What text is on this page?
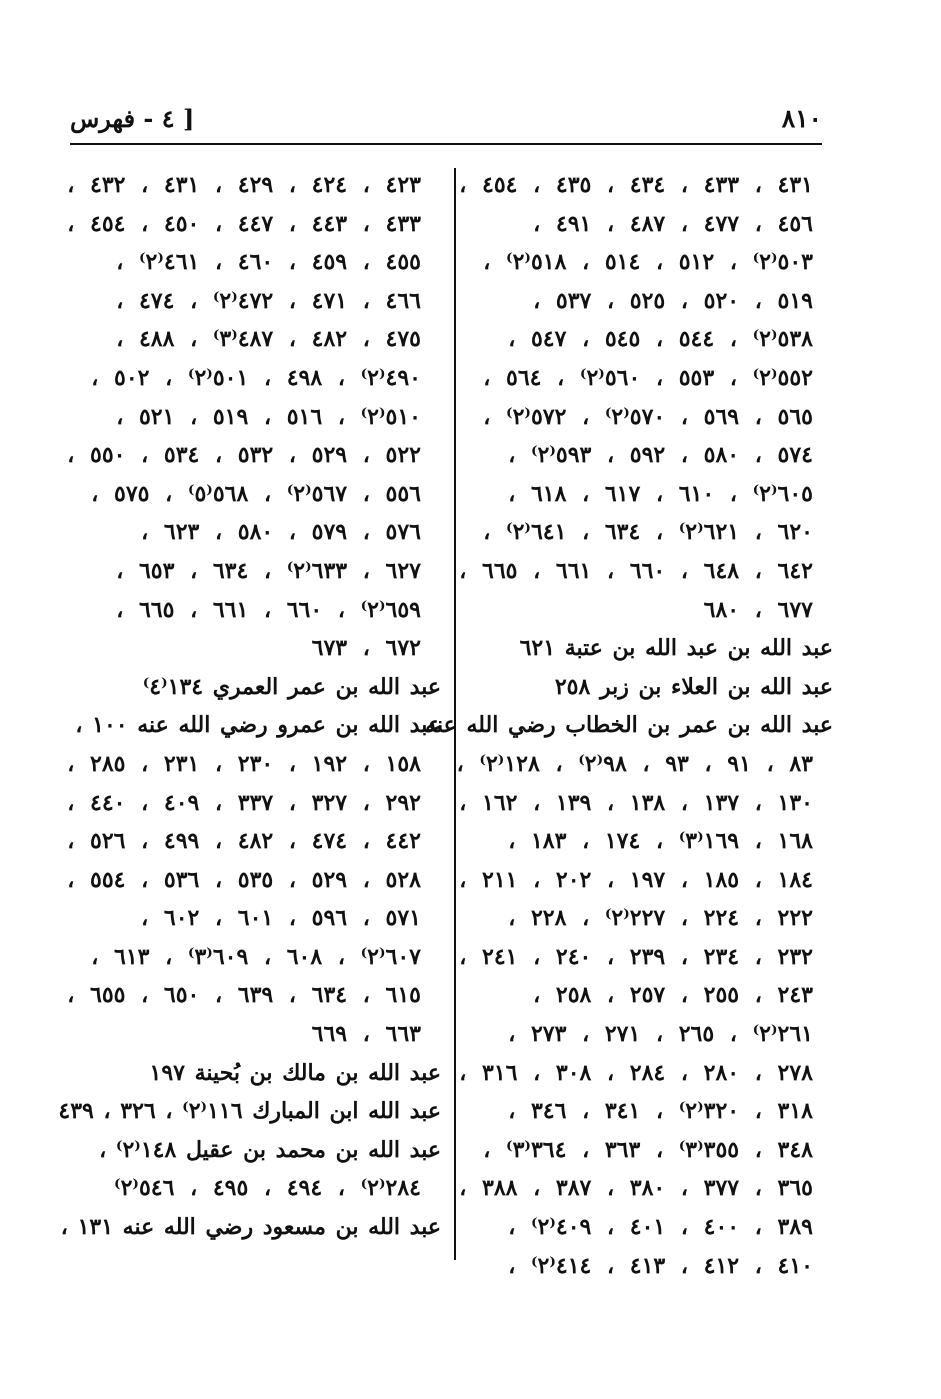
٨١٠
[ ٤ - فهرس
٤٣١ ، ٤٣٣ ، ٤٣٤ ، ٤٣٥ ، ٤٥٤ ،
٤٥٦ ، ٤٧٧ ، ٤٨٧ ، ٤٩١ ،
٥٠٣⁽٢⁾ ، ٥١٢ ، ٥١٤ ، ٥١٨⁽٢⁾ ،
٥١٩ ، ٥٢٠ ، ٥٢٥ ، ٥٣٧ ،
٥٣٨⁽٢⁾ ، ٥٤٤ ، ٥٤٥ ، ٥٤٧ ،
٥٥٢⁽٢⁾ ، ٥٥٣ ، ٥٦٠⁽٢⁾ ، ٥٦٤ ،
٥٦٥ ، ٥٦٩ ، ٥٧٠⁽٢⁾ ، ٥٧٢⁽٢⁾ ،
٥٧٤ ، ٥٨٠ ، ٥٩٢ ، ٥٩٣⁽٢⁾ ،
٦٠٥⁽٢⁾ ، ٦١٠ ، ٦١٧ ، ٦١٨ ،
٦٢٠ ، ٦٢١⁽٢⁾ ، ٦٣٤ ، ٦٤١⁽٢⁾ ،
٦٤٢ ، ٦٤٨ ، ٦٦٠ ، ٦٦١ ، ٦٦٥ ،
٦٧٧ ، ٦٨٠
عبد الله بن عبد الله بن عتبة ٦٢١
عبد الله بن العلاء بن زبر ٢٥٨
عبد الله بن عمر بن الخطاب رضي الله عنه
٨٣ ، ٩١ ، ٩٣ ، ٩٨⁽٢⁾ ، ١٢٨⁽٢⁾ ،
١٣٠ ، ١٣٧ ، ١٣٨ ، ١٣٩ ، ١٦٢ ،
١٦٨ ، ١٦٩⁽٣⁾ ، ١٧٤ ، ١٨٣ ،
١٨٤ ، ١٨٥ ، ١٩٧ ، ٢٠٢ ، ٢١١ ،
٢٢٢ ، ٢٢٤ ، ٢٢٧⁽٢⁾ ، ٢٢٨ ،
٢٣٢ ، ٢٣٤ ، ٢٣٩ ، ٢٤٠ ، ٢٤١ ،
٢٤٣ ، ٢٥٥ ، ٢٥٧ ، ٢٥٨ ،
٢٦١⁽٢⁾ ، ٢٦٥ ، ٢٧١ ، ٢٧٣ ،
٢٧٨ ، ٢٨٠ ، ٢٨٤ ، ٣٠٨ ، ٣١٦ ،
٣١٨ ، ٣٢٠⁽٢⁾ ، ٣٤١ ، ٣٤٦ ،
٣٤٨ ، ٣٥٥⁽٣⁾ ، ٣٦٣ ، ٣٦٤⁽٣⁾ ،
٣٦٥ ، ٣٧٧ ، ٣٨٠ ، ٣٨٧ ، ٣٨٨ ،
٣٨٩ ، ٤٠٠ ، ٤٠١ ، ٤٠٩⁽٢⁾ ،
٤١٠ ، ٤١٢ ، ٤١٣ ، ٤١٤⁽٢⁾ ،
٤٢٣ ، ٤٢٤ ، ٤٢٩ ، ٤٣١ ، ٤٣٢ ،
٤٣٣ ، ٤٤٣ ، ٤٤٧ ، ٤٥٠ ، ٤٥٤ ،
٤٥٥ ، ٤٥٩ ، ٤٦٠ ، ٤٦١⁽٢⁾ ،
٤٦٦ ، ٤٧١ ، ٤٧٢⁽٢⁾ ، ٤٧٤ ،
٤٧٥ ، ٤٨٢ ، ٤٨٧⁽٣⁾ ، ٤٨٨ ،
٤٩٠⁽٢⁾ ، ٤٩٨ ، ٥٠١⁽٢⁾ ، ٥٠٢ ،
٥١٠⁽٢⁾ ، ٥١٦ ، ٥١٩ ، ٥٢١ ،
٥٢٢ ، ٥٢٩ ، ٥٣٢ ، ٥٣٤ ، ٥٥٠ ،
٥٥٦ ، ٥٦٧⁽٢⁾ ، ٥٦٨⁽٥⁾ ، ٥٧٥ ،
٥٧٦ ، ٥٧٩ ، ٥٨٠ ، ٦٢٣ ،
٦٢٧ ، ٦٣٣⁽٢⁾ ، ٦٣٤ ، ٦٥٣ ،
٦٥٩⁽٢⁾ ، ٦٦٠ ، ٦٦١ ، ٦٦٥ ،
٦٧٢ ، ٦٧٣
عبد الله بن عمر العمري ١٣٤⁽٤⁾
عبد الله بن عمرو رضي الله عنه ١٠٠ ،
١٥٨ ، ١٩٢ ، ٢٣٠ ، ٢٣١ ، ٢٨٥ ،
٢٩٢ ، ٣٢٧ ، ٣٣٧ ، ٤٠٩ ، ٤٤٠ ،
٤٤٢ ، ٤٧٤ ، ٤٨٢ ، ٤٩٩ ، ٥٢٦ ،
٥٢٨ ، ٥٢٩ ، ٥٣٥ ، ٥٣٦ ، ٥٥٤ ،
٥٧١ ، ٥٩٦ ، ٦٠١ ، ٦٠٢ ،
٦٠٧⁽٢⁾ ، ٦٠٨ ، ٦٠٩⁽٣⁾ ، ٦١٣ ،
٦١٥ ، ٦٣٤ ، ٦٣٩ ، ٦٥٠ ، ٦٥٥ ،
٦٦٣ ، ٦٦٩
عبد الله بن مالك بن بُحينة ١٩٧
عبد الله ابن المبارك ١١٦⁽٢⁾ ، ٣٢٦ ، ٤٣٩
عبد الله بن محمد بن عقيل ١٤٨⁽٢⁾ ،
٢٨٤⁽٢⁾ ، ٤٩٤ ، ٤٩٥ ، ٥٤٦⁽٢⁾
عبد الله بن مسعود رضي الله عنه ١٣١ ،
